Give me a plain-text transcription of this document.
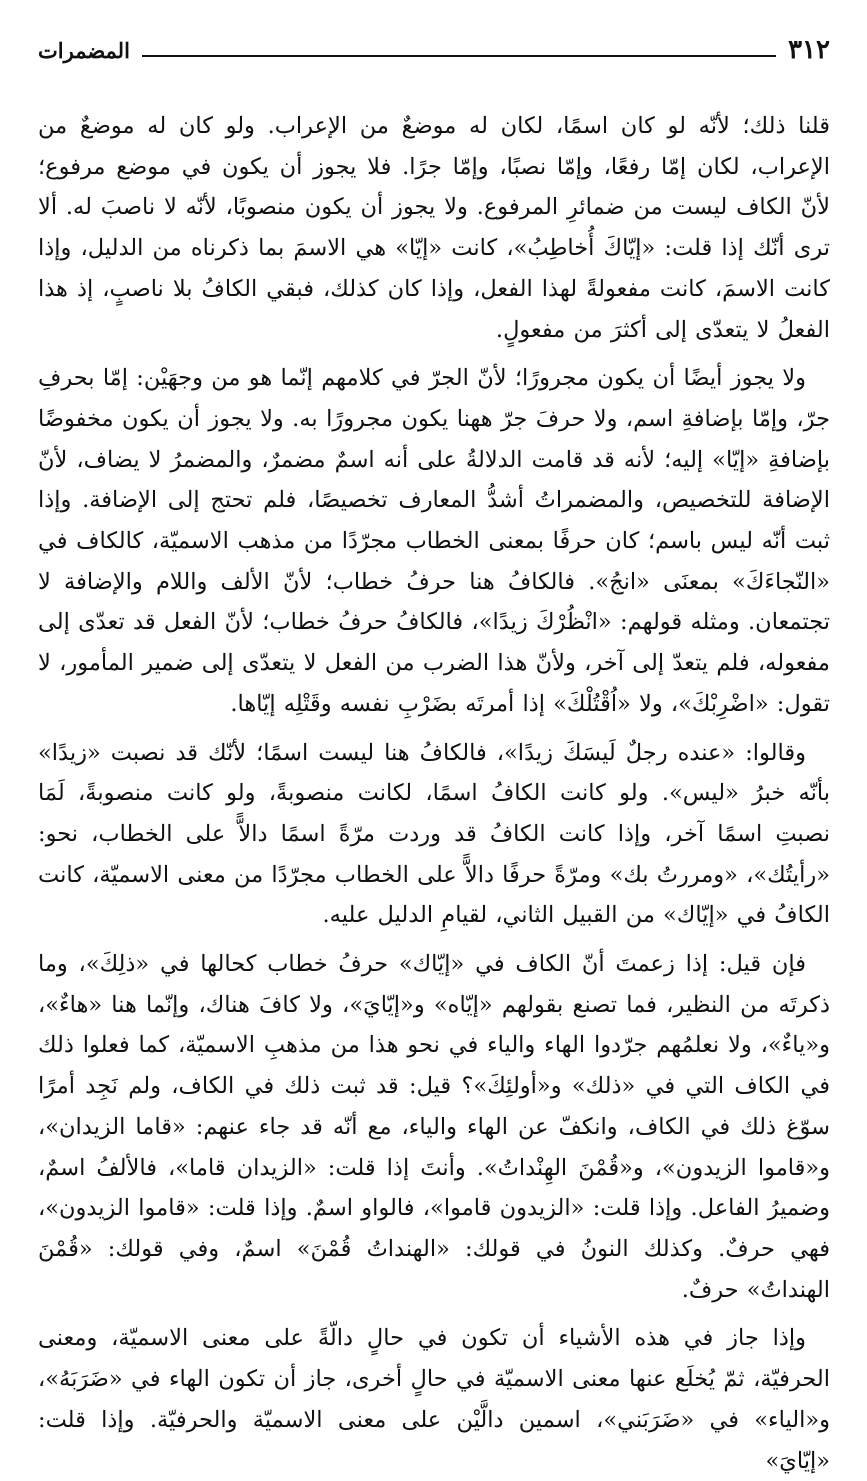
٣١٢
المضمرات

قلنا ذلك؛ لأنّه لو كان اسمًا، لكان له موضعٌ من الإعراب. ولو كان له موضعٌ من الإعراب، لكان إمّا رفعًا، وإمّا نصبًا، وإمّا جرًا. فلا يجوز أن يكون في موضع مرفوع؛ لأنّ الكاف ليست من ضمائرِ المرفوع. ولا يجوز أن يكون منصوبًا، لأنّه لا ناصبَ له. ألا ترى أنّك إذا قلت: «إيّاكَ أُخاطِبُ»، كانت «إيّا» هي الاسمَ بما ذكرناه من الدليل، وإذا كانت الاسمَ، كانت مفعولةً لهذا الفعل، وإذا كان كذلك، فبقي الكافُ بلا ناصبٍ، إذ هذا الفعلُ لا يتعدّى إلى أكثرَ من مفعولٍ.

ولا يجوز أيضًا أن يكون مجرورًا؛ لأنّ الجرّ في كلامهم إنّما هو من وجهَيْن: إمّا بحرفِ جرّ، وإمّا بإضافةِ اسم، ولا حرفَ جرّ ههنا يكون مجرورًا به. ولا يجوز أن يكون مخفوضًا بإضافةِ «إيّا» إليه؛ لأنه قد قامت الدلالةُ على أنه اسمٌ مضمرٌ، والمضمرُ لا يضاف، لأنّ الإضافة للتخصيص، والمضمراتُ أشدُّ المعارف تخصيصًا، فلم تحتج إلى الإضافة. وإذا ثبت أنّه ليس باسم؛ كان حرفًا بمعنى الخطاب مجرّدًا من مذهب الاسميّة، كالكاف في «النّجاءَكَ» بمعنَى «انجُ». فالكافُ هنا حرفُ خطاب؛ لأنّ الألف واللام والإضافة لا تجتمعان. ومثله قولهم: «انْظُرْكَ زيدًا»، فالكافُ حرفُ خطاب؛ لأنّ الفعل قد تعدّى إلى مفعوله، فلم يتعدّ إلى آخر، ولأنّ هذا الضرب من الفعل لا يتعدّى إلى ضمير المأمور، لا تقول: «اضْرِبْكَ»، ولا «اُقْتُلْكَ» إذا أمرتَه بضَرْبِ نفسه وقَتْلِه إيّاها.

وقالوا: «عنده رجلٌ لَيسَكَ زيدًا»، فالكافُ هنا ليست اسمًا؛ لأنّك قد نصبت «زيدًا» بأنّه خبرُ «ليس». ولو كانت الكافُ اسمًا، لكانت منصوبةً، ولو كانت منصوبةً، لَمَا نصبتِ اسمًا آخر، وإذا كانت الكافُ قد وردت مرّةً اسمًا دالاًّ على الخطاب، نحو: «رأيتُك»، «ومررتُ بك» ومرّةً حرفًا دالاًّ على الخطاب مجرّدًا من معنى الاسميّة، كانت الكافُ في «إيّاك» من القبيل الثاني، لقيامِ الدليل عليه.

فإن قيل: إذا زعمتَ أنّ الكاف في «إيّاك» حرفُ خطاب كحالها في «ذلِكَ»، وما ذكرتَه من النظير، فما تصنع بقولهم «إيّاه» و«إيّايَ»، ولا كافَ هناك، وإنّما هنا «هاءٌ»، و«ياءٌ»، ولا نعلمُهم جرّدوا الهاء والياء في نحو هذا من مذهبِ الاسميّة، كما فعلوا ذلك في الكاف التي في «ذلك» و«أولئِكَ»؟ قيل: قد ثبت ذلك في الكاف، ولم نَجِد أمرًا سوّغ ذلك في الكاف، وانكفّ عن الهاء والياء، مع أنّه قد جاء عنهم: «قاما الزيدان»، و«قاموا الزيدون»، و«قُمْنَ الهِنْداتُ». وأنتَ إذا قلت: «الزيدان قاما»، فالألفُ اسمٌ، وضميرُ الفاعل. وإذا قلت: «الزيدون قاموا»، فالواو اسمٌ. وإذا قلت: «قاموا الزيدون»، فهي حرفٌ. وكذلك النونُ في قولك: «الهنداتُ قُمْنَ» اسمٌ، وفي قولك: «قُمْنَ الهنداتُ» حرفٌ.

وإذا جاز في هذه الأشياء أن تكون في حالٍ دالّةً على معنى الاسميّة، ومعنى الحرفيّة، ثمّ يُخلَع عنها معنى الاسميّة في حالٍ أخرى، جاز أن تكون الهاء في «ضَرَبَهُ»، و«الياء» في «ضَرَبَني»، اسمين دالَّيْن على معنى الاسميّة والحرفيّة. وإذا قلت: «إيّايَ»
